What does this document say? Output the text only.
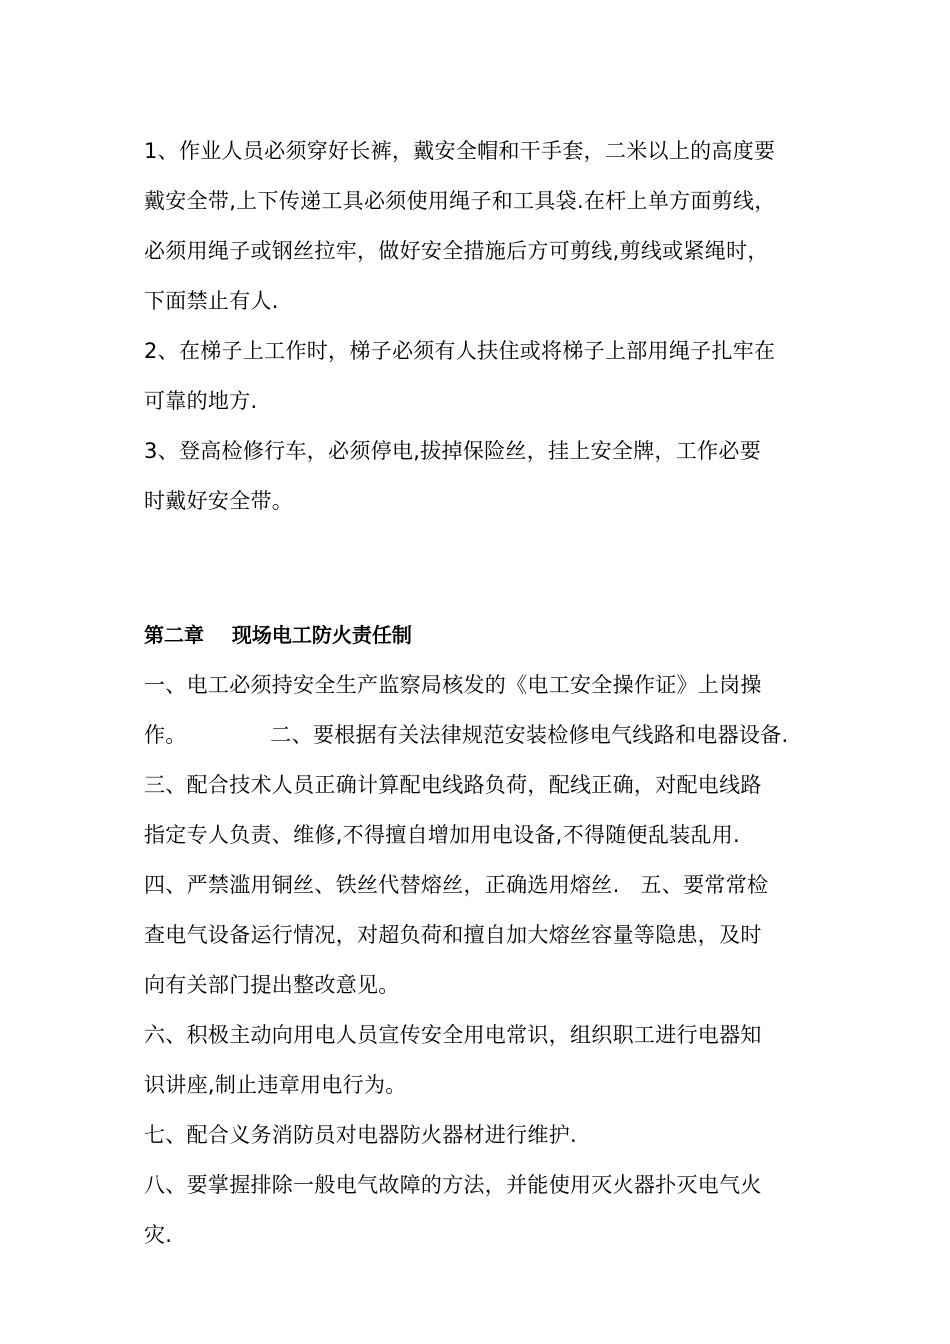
1、作业人员必须穿好长裤，戴安全帽和干手套，二米以上的高度要
戴安全带,上下传递工具必须使用绳子和工具袋.在杆上单方面剪线，
必须用绳子或钢丝拉牢，做好安全措施后方可剪线,剪线或紧绳时，
下面禁止有人.
2、在梯子上工作时，梯子必须有人扶住或将梯子上部用绳子扎牢在
可靠的地方.
3、登高检修行车，必须停电,拔掉保险丝，挂上安全牌，工作必要
时戴好安全带。
第二章    现场电工防火责任制
一、电工必须持安全生产监察局核发的《电工安全操作证》上岗操
作。            二、要根据有关法律规范安装检修电气线路和电器设备.
三、配合技术人员正确计算配电线路负荷，配线正确，对配电线路
指定专人负责、维修,不得擅自增加用电设备,不得随便乱装乱用.
四、严禁滥用铜丝、铁丝代替熔丝，正确选用熔丝.   五、要常常检
查电气设备运行情况，对超负荷和擅自加大熔丝容量等隐患，及时
向有关部门提出整改意见。
六、积极主动向用电人员宣传安全用电常识，组织职工进行电器知
识讲座,制止违章用电行为。
七、配合义务消防员对电器防火器材进行维护.
八、要掌握排除一般电气故障的方法，并能使用灭火器扑灭电气火
灾.
